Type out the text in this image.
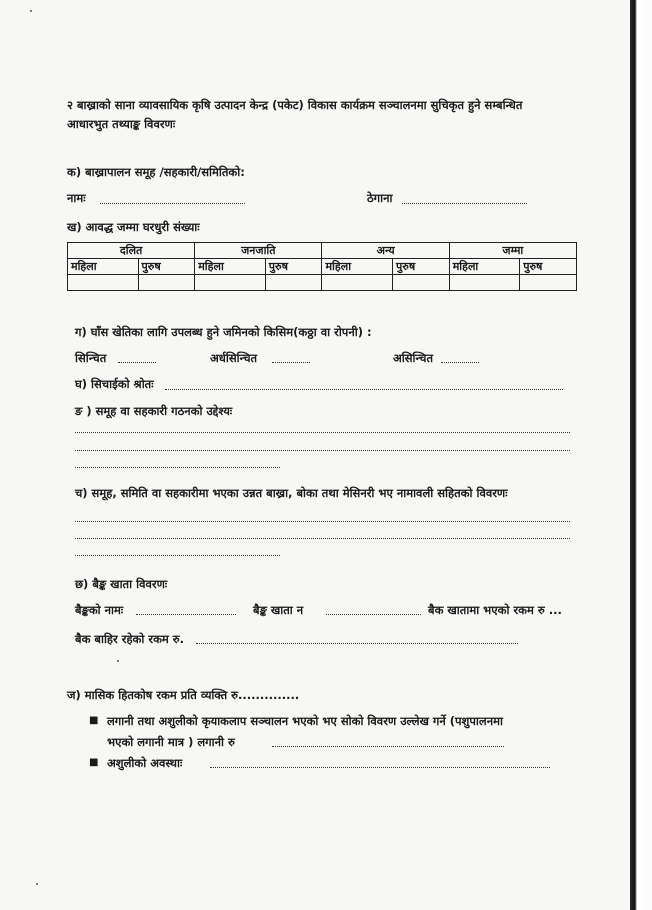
२ बाख्राको साना व्यावसायिक कृषि उत्पादन केन्द्र (पकेट) विकास कार्यक्रम सञ्चालनमा सुचिकृत हुने सम्बन्धित
आधारभुत तथ्याङ्क विवरणः
क) बाख्रापालन समूह /सहकारी/समितिको:
नामः	ठेगाना
ख) आवद्ध जम्मा घरधुरी संख्याः
दलित		जनजाति		अन्य		जम्मा	
महिला	पुरुष	महिला	पुरुष	महिला	पुरुष	महिला	पुरुष

ग) घाँस खेतिका लागि उपलब्ध हुने जमिनको किसिम(कठ्ठा वा रोपनी) :
सिन्चित	अर्धसिन्चित	असिन्चित
घ) सिचाईको श्रोतः
ङ ) समूह वा सहकारी गठनको उद्देश्यः
च) समूह, समिति वा सहकारीमा भएका उन्नत बाख्रा, बोका तथा मेसिनरी भए नामावली सहितको विवरणः
छ) बैङ्क खाता विवरणः
बैङ्कको नामः	बैङ्क खाता न	बैक खातामा भएको रकम रु ...
बैक बाहिर रहेको रकम रु.
ज) मासिक हितकोष रकम प्रति व्यक्ति रु..............
■ लगानी तथा अशुलीको कृयाकलाप सञ्चालन भएको भए सोको विवरण उल्लेख गर्ने (पशुपालनमा
भएको लगानी मात्र ) लगानी रु
■ अशुलीको अवस्थाः
